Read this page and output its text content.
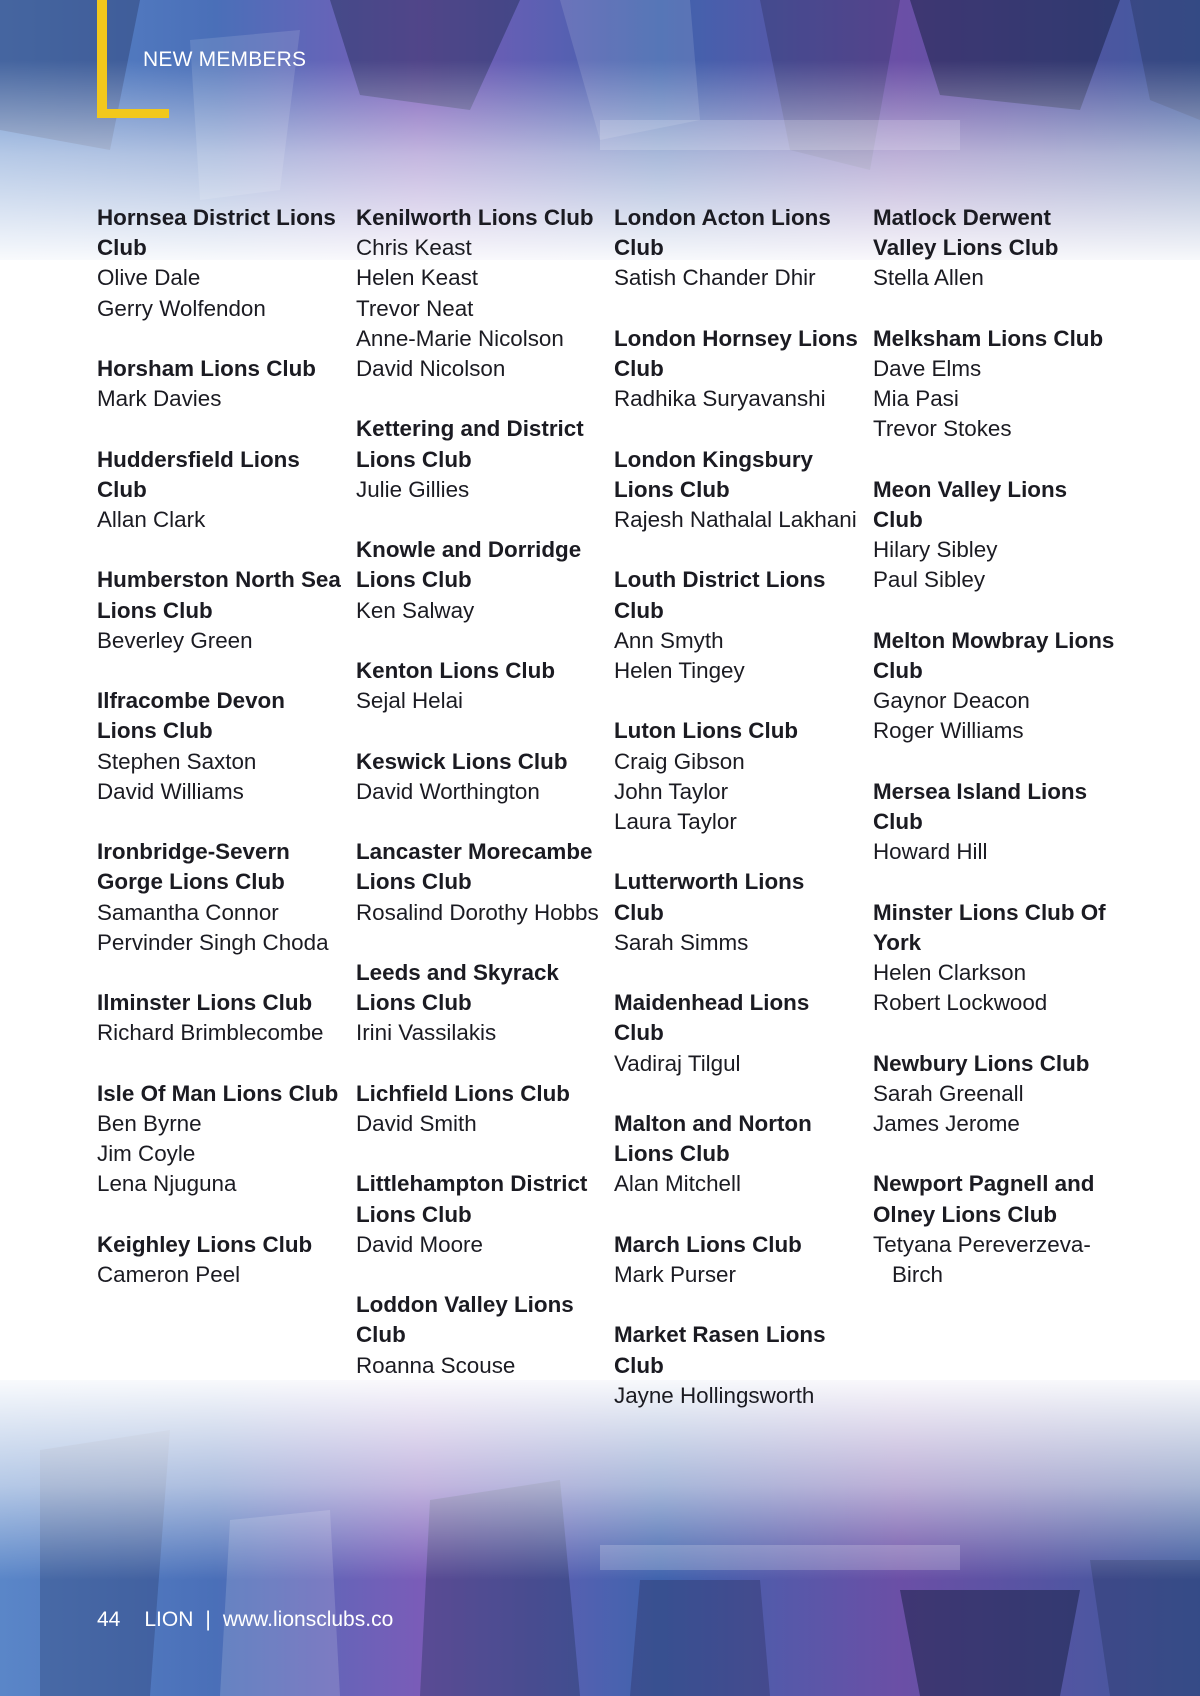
NEW MEMBERS
Hornsea District Lions Club
Olive Dale
Gerry Wolfendon
Horsham Lions Club
Mark Davies
Huddersfield Lions Club
Allan Clark
Humberston North Sea Lions Club
Beverley Green
Ilfracombe Devon Lions Club
Stephen Saxton
David Williams
Ironbridge-Severn Gorge Lions Club
Samantha Connor
Pervinder Singh Choda
Ilminster Lions Club
Richard Brimblecombe
Isle Of Man Lions Club
Ben Byrne
Jim Coyle
Lena Njuguna
Keighley Lions Club
Cameron Peel
Kenilworth Lions Club
Chris Keast
Helen Keast
Trevor Neat
Anne-Marie Nicolson
David Nicolson
Kettering and District Lions Club
Julie Gillies
Knowle and Dorridge Lions Club
Ken Salway
Kenton Lions Club
Sejal Helai
Keswick Lions Club
David Worthington
Lancaster Morecambe Lions Club
Rosalind Dorothy Hobbs
Leeds and Skyrack Lions Club
Irini Vassilakis
Lichfield Lions Club
David Smith
Littlehampton District Lions Club
David Moore
Loddon Valley Lions Club
Roanna Scouse
London Acton Lions Club
Satish Chander Dhir
London Hornsey Lions Club
Radhika Suryavanshi
London Kingsbury Lions Club
Rajesh Nathalal Lakhani
Louth District Lions Club
Ann Smyth
Helen Tingey
Luton Lions Club
Craig Gibson
John Taylor
Laura Taylor
Lutterworth Lions Club
Sarah Simms
Maidenhead Lions Club
Vadiraj Tilgul
Malton and Norton Lions Club
Alan Mitchell
March Lions Club
Mark Purser
Market Rasen Lions Club
Jayne Hollingsworth
Matlock Derwent Valley Lions Club
Stella Allen
Melksham Lions Club
Dave Elms
Mia Pasi
Trevor Stokes
Meon Valley Lions Club
Hilary Sibley
Paul Sibley
Melton Mowbray Lions Club
Gaynor Deacon
Roger Williams
Mersea Island Lions Club
Howard Hill
Minster Lions Club Of York
Helen Clarkson
Robert Lockwood
Newbury Lions Club
Sarah Greenall
James Jerome
Newport Pagnell and Olney Lions Club
Tetyana Pereverzeva-Birch
44 LION | www.lionsclubs.co
